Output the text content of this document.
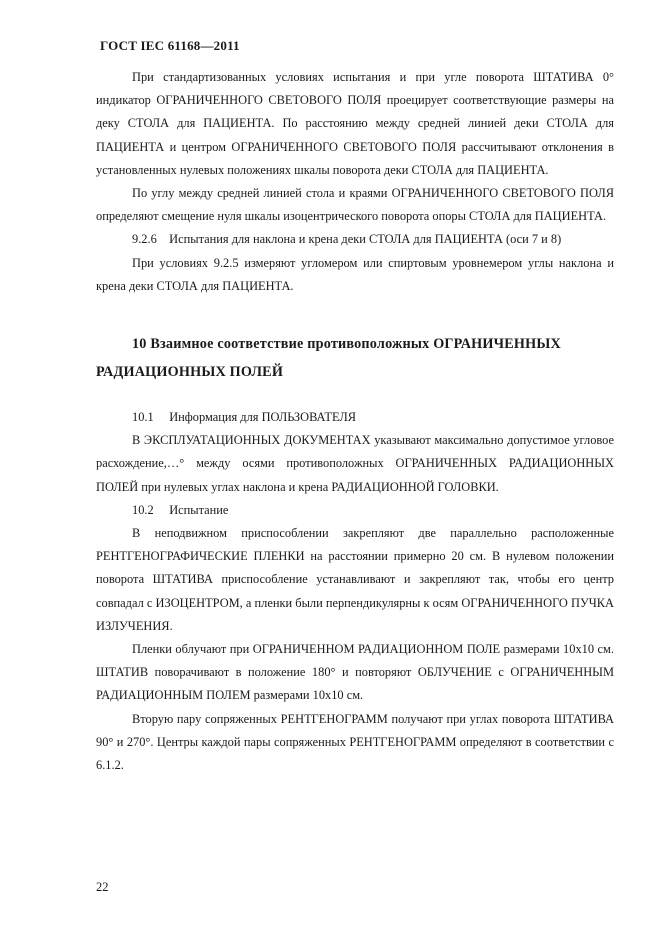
ГОСТ IEC 61168—2011

При стандартизованных условиях испытания и при угле поворота ШТАТИВА 0° индикатор ОГРАНИЧЕННОГО СВЕТОВОГО ПОЛЯ проецирует соответствующие размеры на деку СТОЛА для ПАЦИЕНТА. По расстоянию между средней линией деки СТОЛА для ПАЦИЕНТА и центром ОГРАНИЧЕННОГО СВЕТОВОГО ПОЛЯ рассчитывают отклонения в установленных нулевых положениях шкалы поворота деки СТОЛА для ПАЦИЕНТА.

По углу между средней линией стола и краями ОГРАНИЧЕННОГО СВЕТОВОГО ПОЛЯ определяют смещение нуля шкалы изоцентрического поворота опоры СТОЛА для ПАЦИЕНТА.

9.2.6 Испытания для наклона и крена деки СТОЛА для ПАЦИЕНТА (оси 7 и 8)

При условиях 9.2.5 измеряют угломером или спиртовым уровнемером углы наклона и крена деки СТОЛА для ПАЦИЕНТА.

10 Взаимное соответствие противоположных ОГРАНИЧЕННЫХ РАДИАЦИОННЫХ ПОЛЕЙ

10.1 Информация для ПОЛЬЗОВАТЕЛЯ

В ЭКСПЛУАТАЦИОННЫХ ДОКУМЕНТАХ указывают максимально допустимое угловое расхождение,…° между осями противоположных ОГРАНИЧЕННЫХ РАДИАЦИОННЫХ ПОЛЕЙ при нулевых углах наклона и крена РАДИАЦИОННОЙ ГОЛОВКИ.

10.2 Испытание

В неподвижном приспособлении закрепляют две параллельно расположенные РЕНТГЕНОГРАФИЧЕСКИЕ ПЛЕНКИ на расстоянии примерно 20 см. В нулевом положении поворота ШТАТИВА приспособление устанавливают и закрепляют так, чтобы его центр совпадал с ИЗОЦЕНТРОМ, а пленки были перпендикулярны к осям ОГРАНИЧЕННОГО ПУЧКА ИЗЛУЧЕНИЯ.

Пленки облучают при ОГРАНИЧЕННОМ РАДИАЦИОННОМ ПОЛЕ размерами 10x10 см. ШТАТИВ поворачивают в положение 180° и повторяют ОБЛУЧЕНИЕ с ОГРАНИЧЕННЫМ РАДИАЦИОННЫМ ПОЛЕМ размерами 10x10 см.

Вторую пару сопряженных РЕНТГЕНОГРАММ получают при углах поворота ШТАТИВА 90° и 270°. Центры каждой пары сопряженных РЕНТГЕНОГРАММ определяют в соответствии с 6.1.2.

22
